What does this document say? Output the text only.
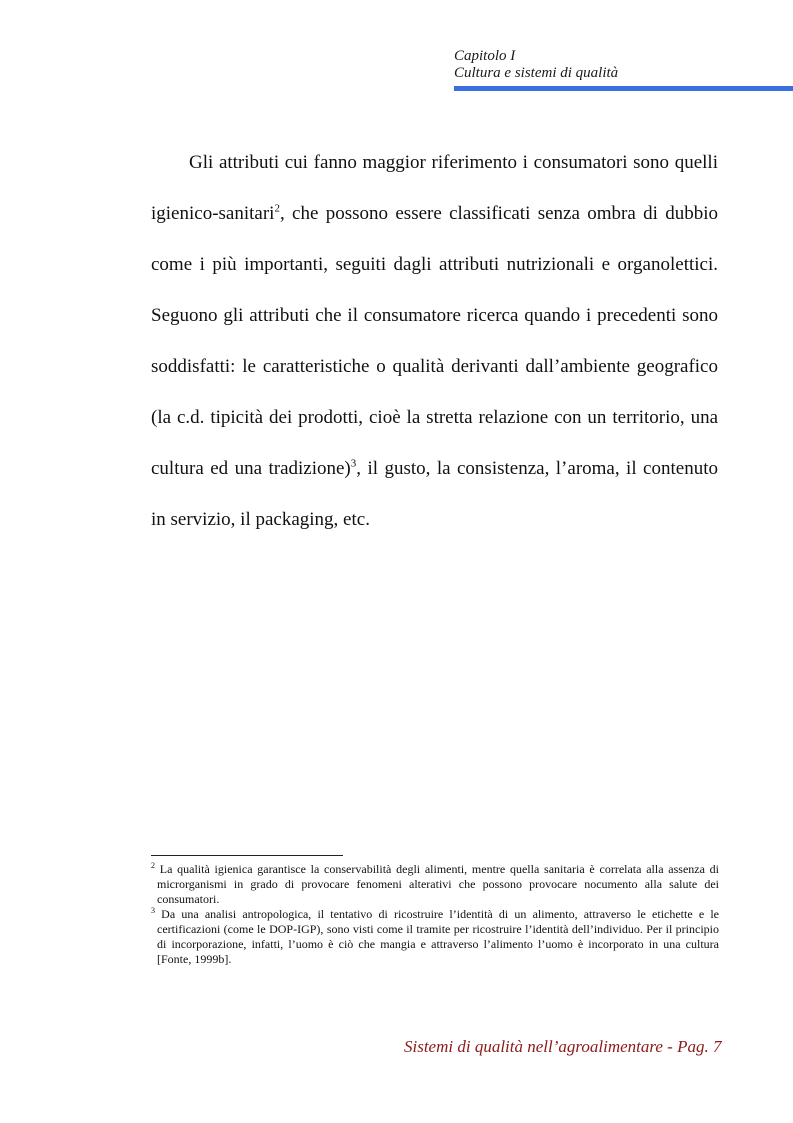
Capitolo I
Cultura e sistemi di qualità

Gli attributi cui fanno maggior riferimento i consumatori sono quelli igienico-sanitari$^2$, che possono essere classificati senza ombra di dubbio come i più importanti, seguiti dagli attributi nutrizionali e organolettici. Seguono gli attributi che il consumatore ricerca quando i precedenti sono soddisfatti: le caratteristiche o qualità derivanti dall’ambiente geografico (la c.d. tipicità dei prodotti, cioè la stretta relazione con un territorio, una cultura ed una tradizione)$^3$, il gusto, la consistenza, l’aroma, il contenuto in servizio, il packaging, etc.

$^2$ La qualità igienica garantisce la conservabilità degli alimenti, mentre quella sanitaria è correlata alla assenza di microrganismi in grado di provocare fenomeni alterativi che possono provocare nocumento alla salute dei consumatori.
$^3$ Da una analisi antropologica, il tentativo di ricostruire l’identità di un alimento, attraverso le etichette e le certificazioni (come le DOP-IGP), sono visti come il tramite per ricostruire l’identità dell’individuo. Per il principio di incorporazione, infatti, l’uomo è ciò che mangia e attraverso l’alimento l’uomo è incorporato in una cultura [Fonte, 1999b].
Sistemi di qualità nell’agroalimentare - Pag. 7
